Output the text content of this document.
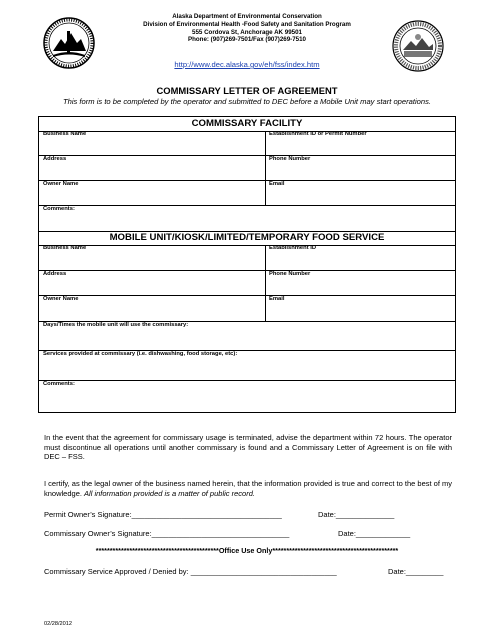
Alaska Department of Environmental Conservation
Division of Environmental Health -Food Safety and Sanitation Program
555 Cordova St, Anchorage AK 99501
Phone: (907)269-7501/Fax (907)269-7510
http://www.dec.alaska.gov/eh/fss/index.htm
COMMISSARY LETTER OF AGREEMENT
This form is to be completed by the operator and submitted to DEC before a Mobile Unit may start operations.
COMMISSARY FACILITY
Business Name	Establishment ID or Permit Number
Address	Phone Number
Owner Name	Email
Comments:
MOBILE UNIT/KIOSK/LIMITED/TEMPORARY FOOD SERVICE
Business Name	Establishment ID
Address	Phone Number
Owner Name	Email
Days/Times the mobile unit will use the commissary:
Services provided at commissary (i.e. dishwashing, food storage, etc):
Comments:
In the event that the agreement for commissary usage is terminated, advise the department within 72 hours. The operator must discontinue all operations until another commissary is found and a Commissary Letter of Agreement is on file with DEC – FSS.
I certify, as the legal owner of the business named herein, that the information provided is true and correct to the best of my knowledge. All information provided is a matter of public record.
Permit Owner’s Signature:____________________________________	Date:______________
Commissary Owner’s Signature:_________________________________	Date:_____________
********************************************Office Use Only*********************************************
Commissary Service Approved / Denied by: ___________________________________	Date:_________
02/28/2012
